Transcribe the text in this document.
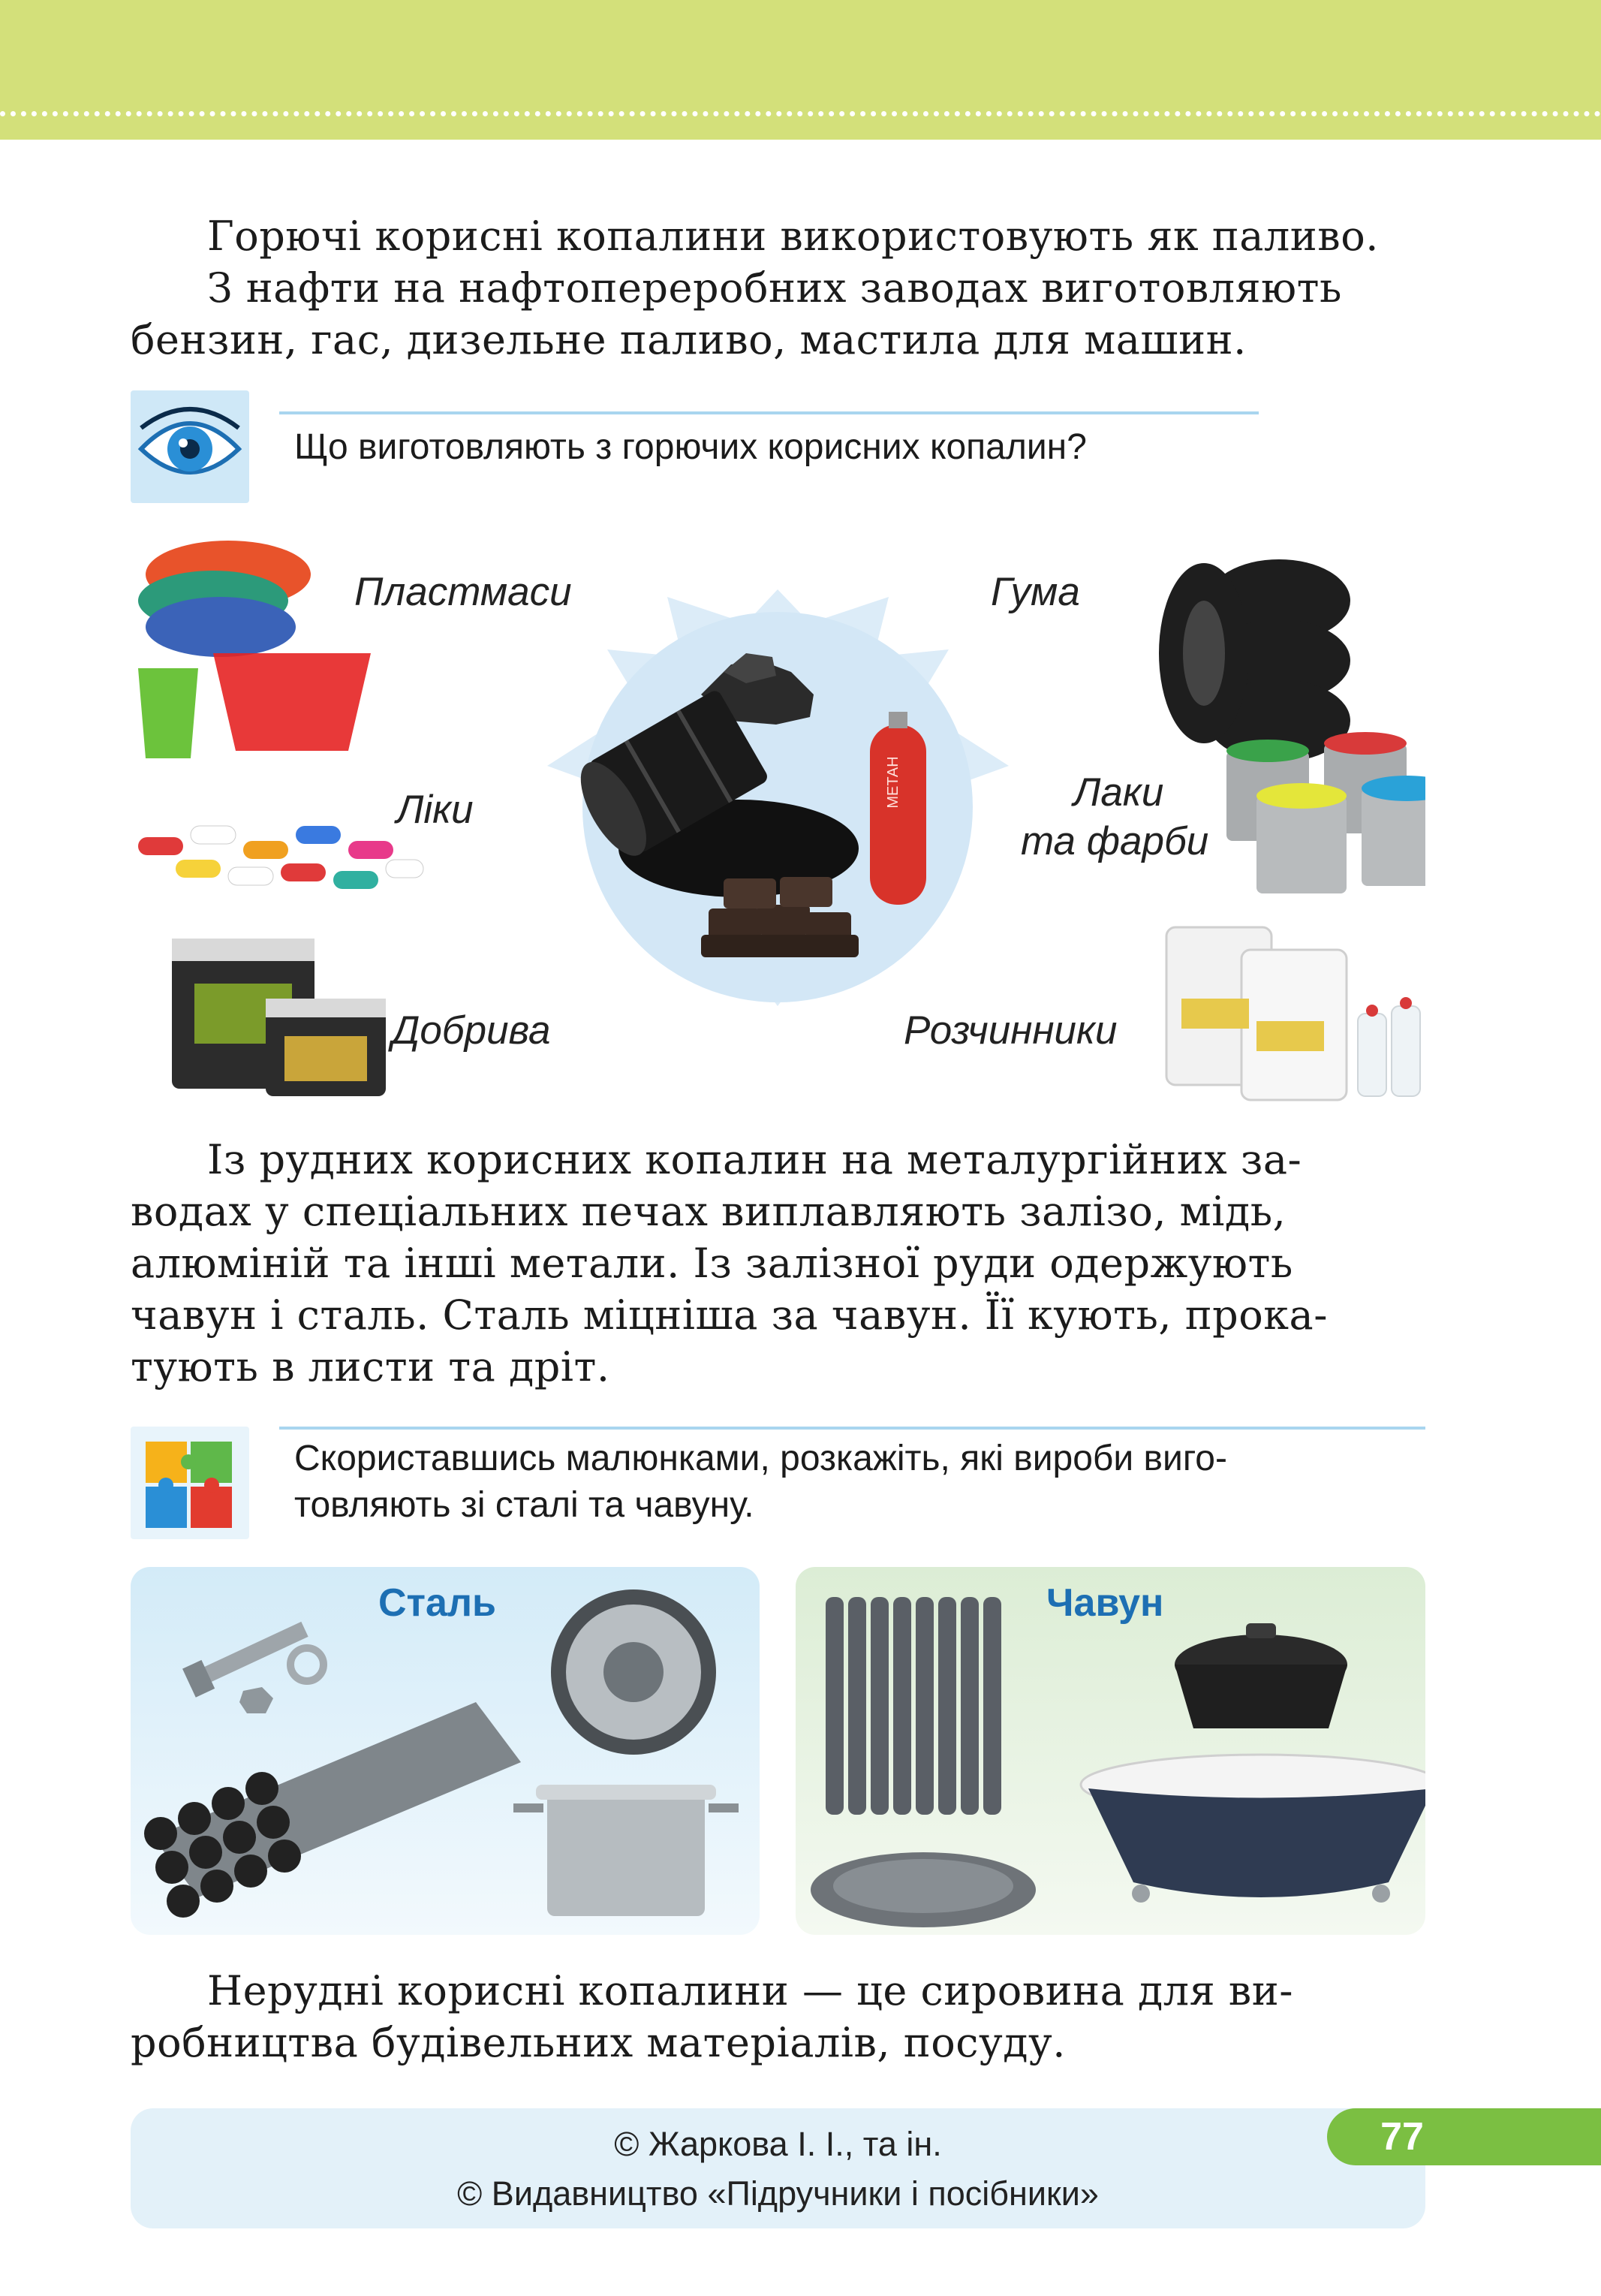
Горючі корисні копалини використовують як паливо.
З нафти на нафтопереробних заводах виготовляють
бензин, гас, дизельне паливо, мастила для машин.

Що виготовляють з горючих корисних копалин?
МЕТАН
Пластмаси	Гума
Ліки	Лаки
та фарби
Добрива	Розчинники

Із рудних корисних копалин на металургійних за-
водах у спеціальних печах виплавляють залізо, мідь,
алюміній та інші метали. Із залізної руди одержують
чавун і сталь. Сталь міцніша за чавун. Її кують, прока-
тують в листи та дріт.

Скориставшись малюнками, розкажіть, які вироби виго-
товляють зі сталі та чавуну.
Сталь	Чавун

Нерудні корисні копалини — це сировина для ви-
робництва будівельних матеріалів, посуду.

© Жаркова І. І., та ін.
© Видавництво «Підручники і посібники»
77
